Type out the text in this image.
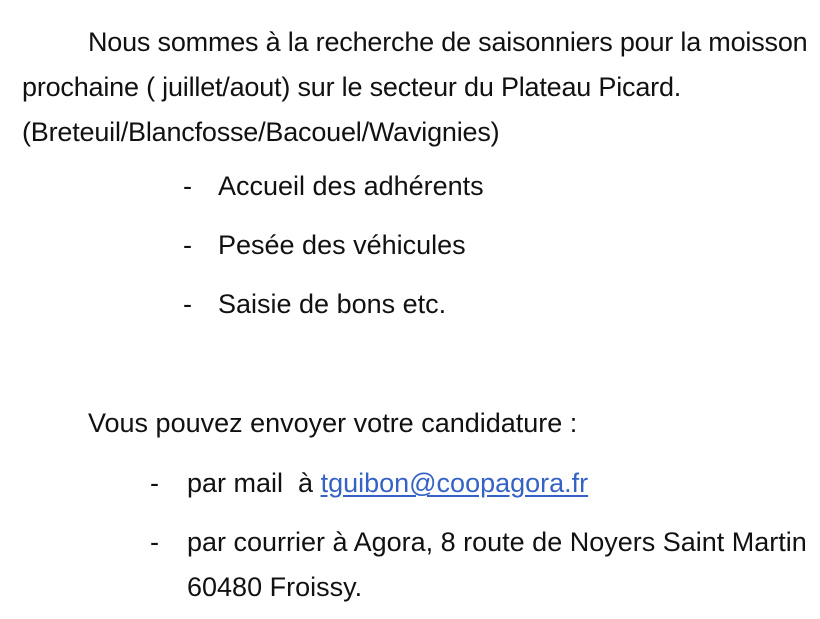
Nous sommes à la recherche de saisonniers pour la moisson prochaine ( juillet/aout) sur le secteur du Plateau Picard.(Breteuil/Blancfosse/Bacouel/Wavignies)

- Accueil des adhérents
- Pesée des véhicules
- Saisie de bons etc.
Vous pouvez envoyer votre candidature :
-	par mail  à tguibon@coopagora.fr
-	par courrier à Agora, 8 route de Noyers Saint Martin 60480 Froissy.
